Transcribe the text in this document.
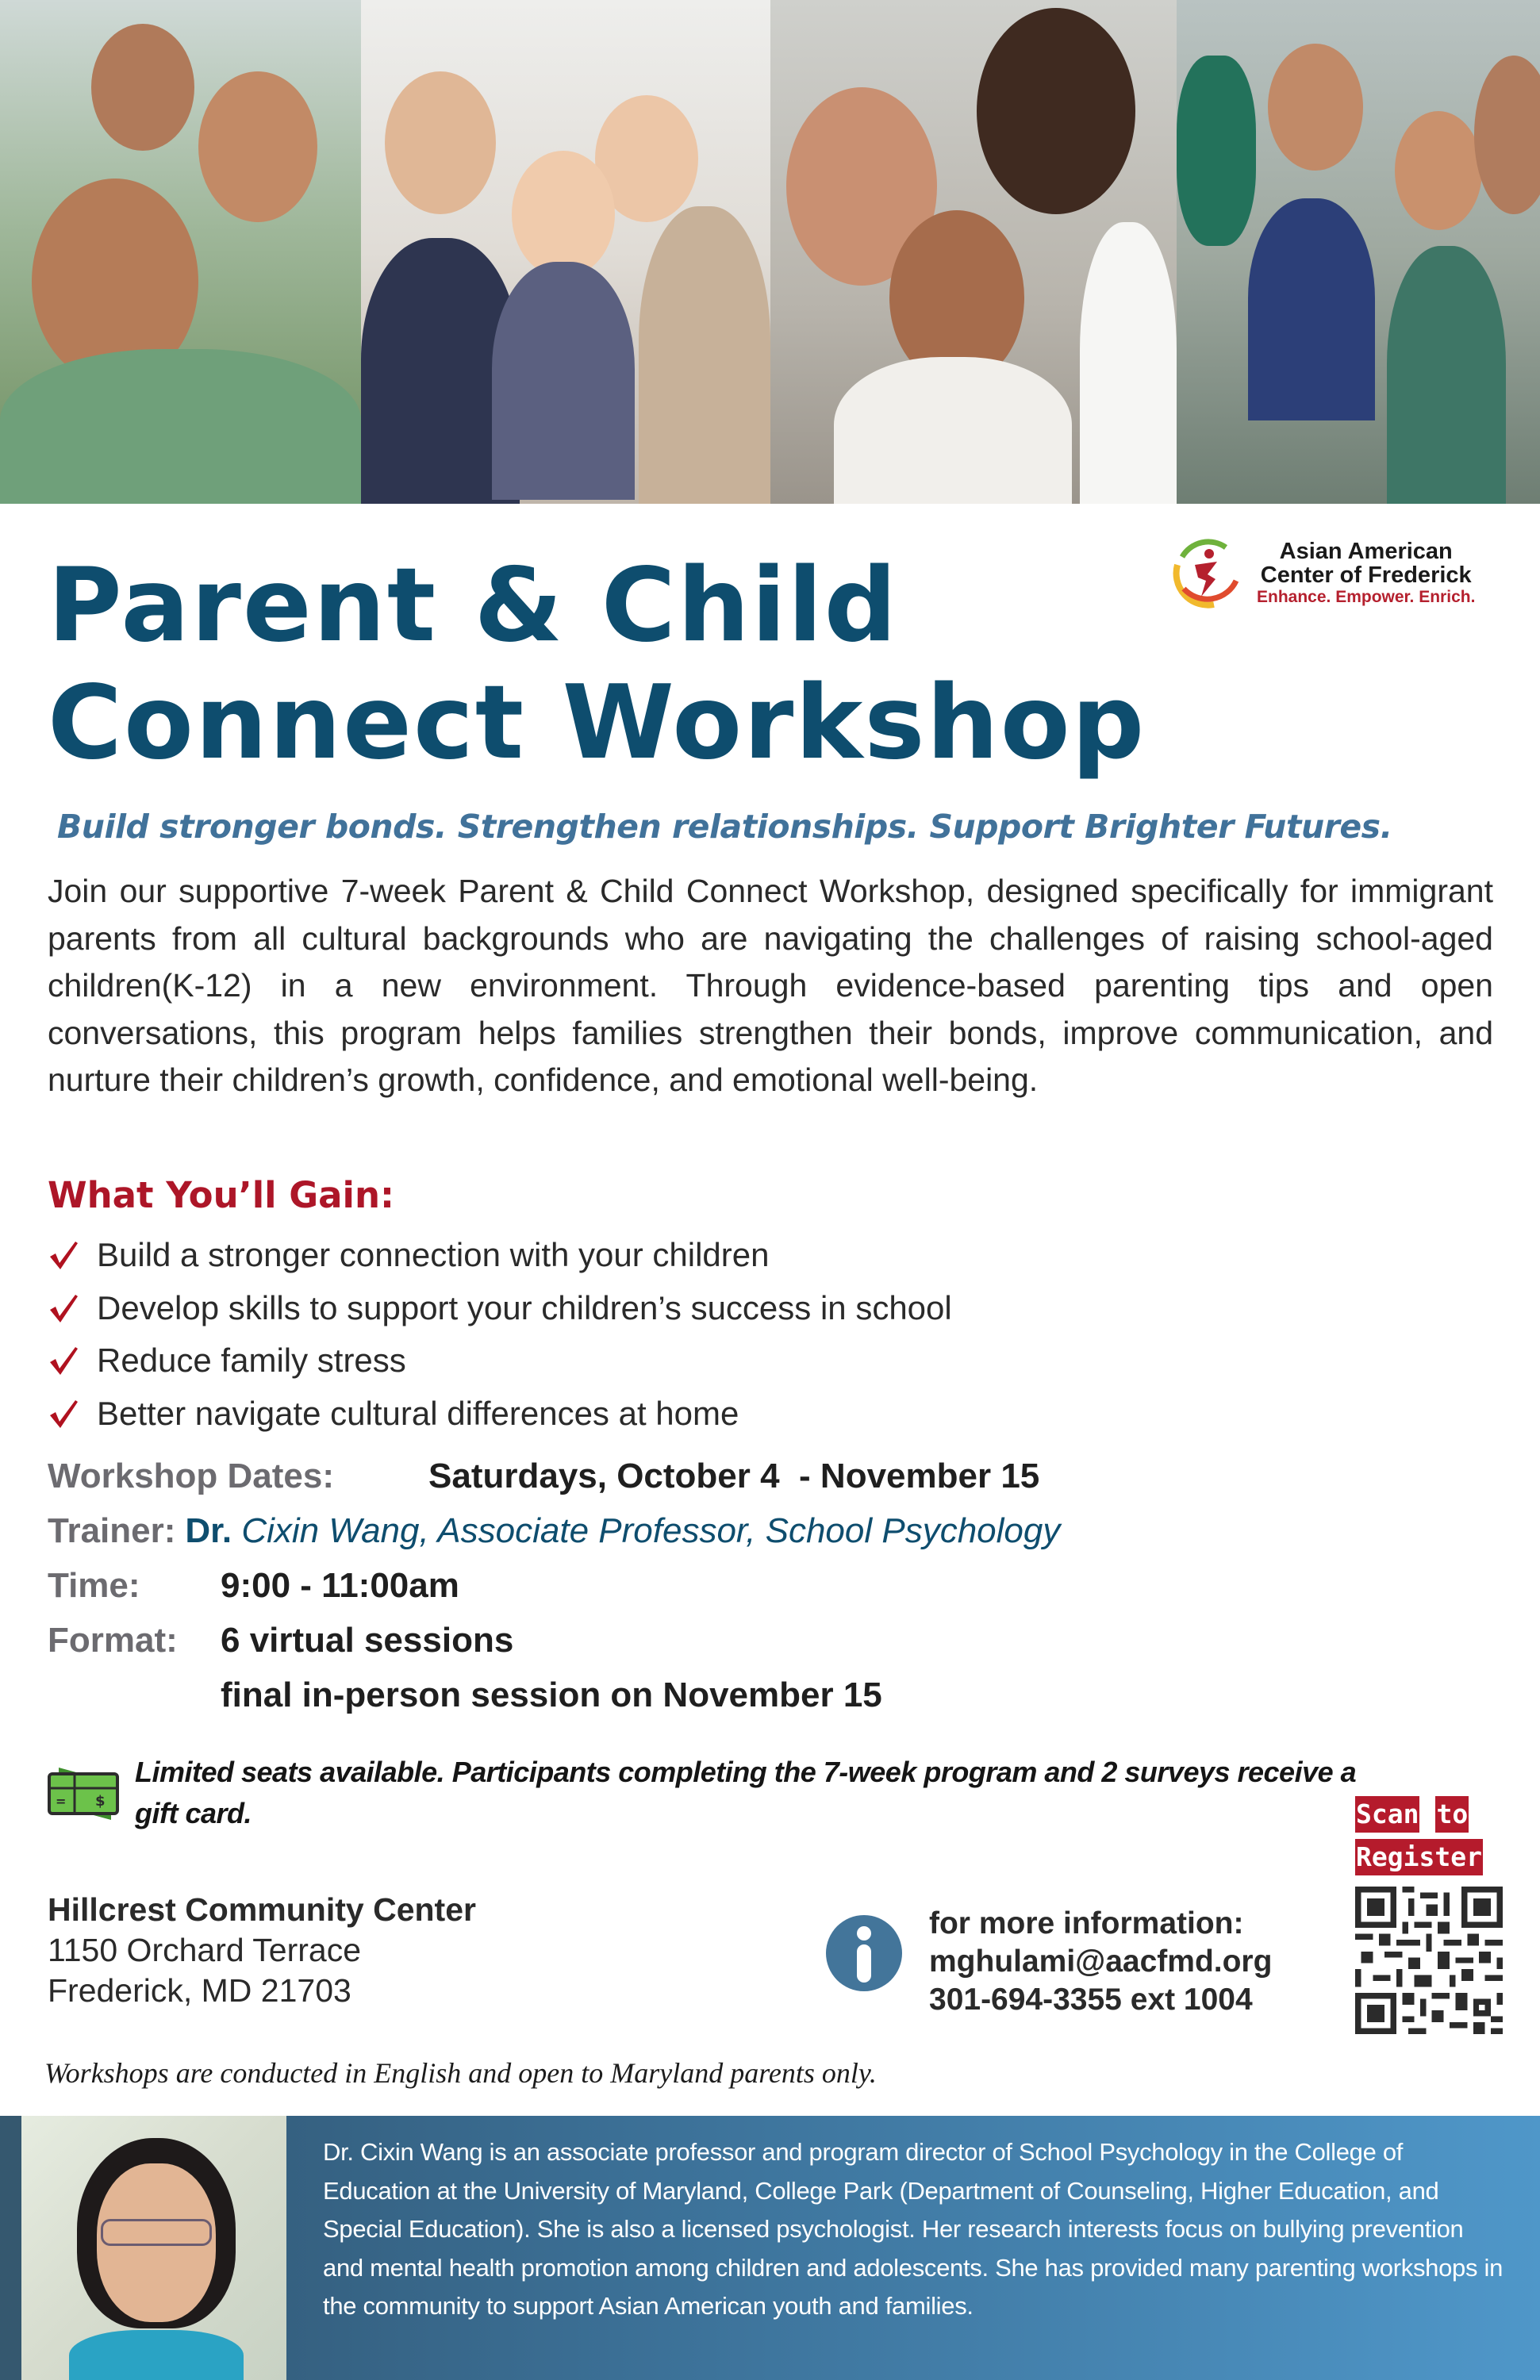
Asian American
Center of Frederick
Enhance. Empower. Enrich.
Parent & Child
Connect Workshop
Build stronger bonds. Strengthen relationships. Support Brighter Futures.

Join our supportive 7-week Parent & Child Connect Workshop, designed specifically for immigrant parents from all cultural backgrounds who are navigating the challenges of raising school-aged children(K-12) in a new environment. Through evidence-based parenting tips and open conversations, this program helps families strengthen their bonds, improve communication, and nurture their children’s growth, confidence, and emotional well-being.

What You’ll Gain:
Build a stronger connection with your children
Develop skills to support your children’s success in school
Reduce family stress
Better navigate cultural differences at home
Workshop Dates:	Saturdays, October 4  - November 15
Trainer: Dr. Cixin Wang, Associate Professor, School Psychology
Time:	9:00 - 11:00am
Format:	6 virtual sessions
final in-person session on November 15
$
=

Limited seats available. Participants completing the 7-week program and 2 surveys receive a gift card.	Scan to
Register
Hillcrest Community Center
1150 Orchard Terrace
Frederick, MD 21703
for more information:
mghulami@aacfmd.org
301-694-3355 ext 1004

Workshops are conducted in English and open to Maryland parents only.

Dr. Cixin Wang is an associate professor and program director of School Psychology in the College of Education at the University of Maryland, College Park (Department of Counseling, Higher Education, and Special Education). She is also a licensed psychologist. Her research interests focus on bullying prevention and mental health promotion among children and adolescents. She has provided many parenting workshops in the community to support Asian American youth and families.
